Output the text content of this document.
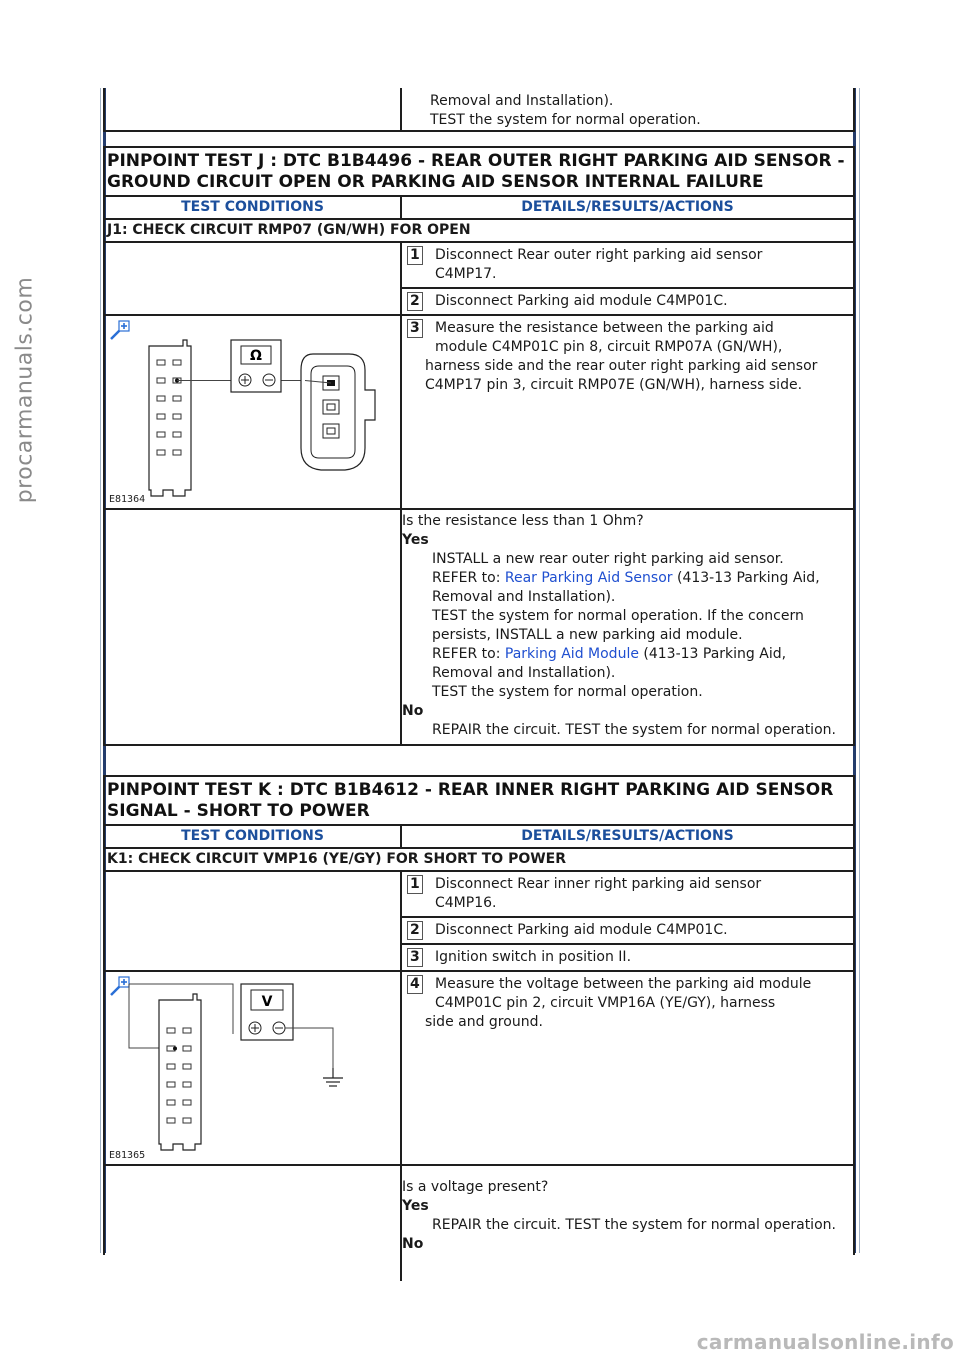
procarmanuals.com
carmanualsonline.info
Removal and Installation).
TEST the system for normal operation.
PINPOINT TEST J : DTC B1B4496 - REAR OUTER RIGHT PARKING AID SENSOR - GROUND CIRCUIT OPEN OR PARKING AID SENSOR INTERNAL FAILURE
TEST CONDITIONS	DETAILS/RESULTS/ACTIONS
J1: CHECK CIRCUIT RMP07 (GN/WH) FOR OPEN
1	Disconnect Rear outer right parking aid sensor
C4MP17.
2	Disconnect Parking aid module C4MP01C.
Ω
E81364
3	Measure the resistance between the parking aid
module C4MP01C pin 8, circuit RMP07A (GN/WH),
harness side and the rear outer right parking aid sensor C4MP17 pin 3, circuit RMP07E (GN/WH), harness side.
Is the resistance less than 1 Ohm?
Yes
INSTALL a new rear outer right parking aid sensor.
REFER to: Rear Parking Aid Sensor (413-13 Parking Aid, Removal and Installation).
TEST the system for normal operation. If the concern persists, INSTALL a new parking aid module.
REFER to: Parking Aid Module (413-13 Parking Aid, Removal and Installation).
TEST the system for normal operation.
No
REPAIR the circuit. TEST the system for normal operation.
PINPOINT TEST K : DTC B1B4612 - REAR INNER RIGHT PARKING AID SENSOR SIGNAL - SHORT TO POWER
TEST CONDITIONS	DETAILS/RESULTS/ACTIONS
K1: CHECK CIRCUIT VMP16 (YE/GY) FOR SHORT TO POWER
1	Disconnect Rear inner right parking aid sensor
C4MP16.
2	Disconnect Parking aid module C4MP01C.
3	Ignition switch in position II.
V
E81365
4	Measure the voltage between the parking aid module
C4MP01C pin 2, circuit VMP16A (YE/GY), harness
side and ground.
Is a voltage present?
Yes
REPAIR the circuit. TEST the system for normal operation.
No
